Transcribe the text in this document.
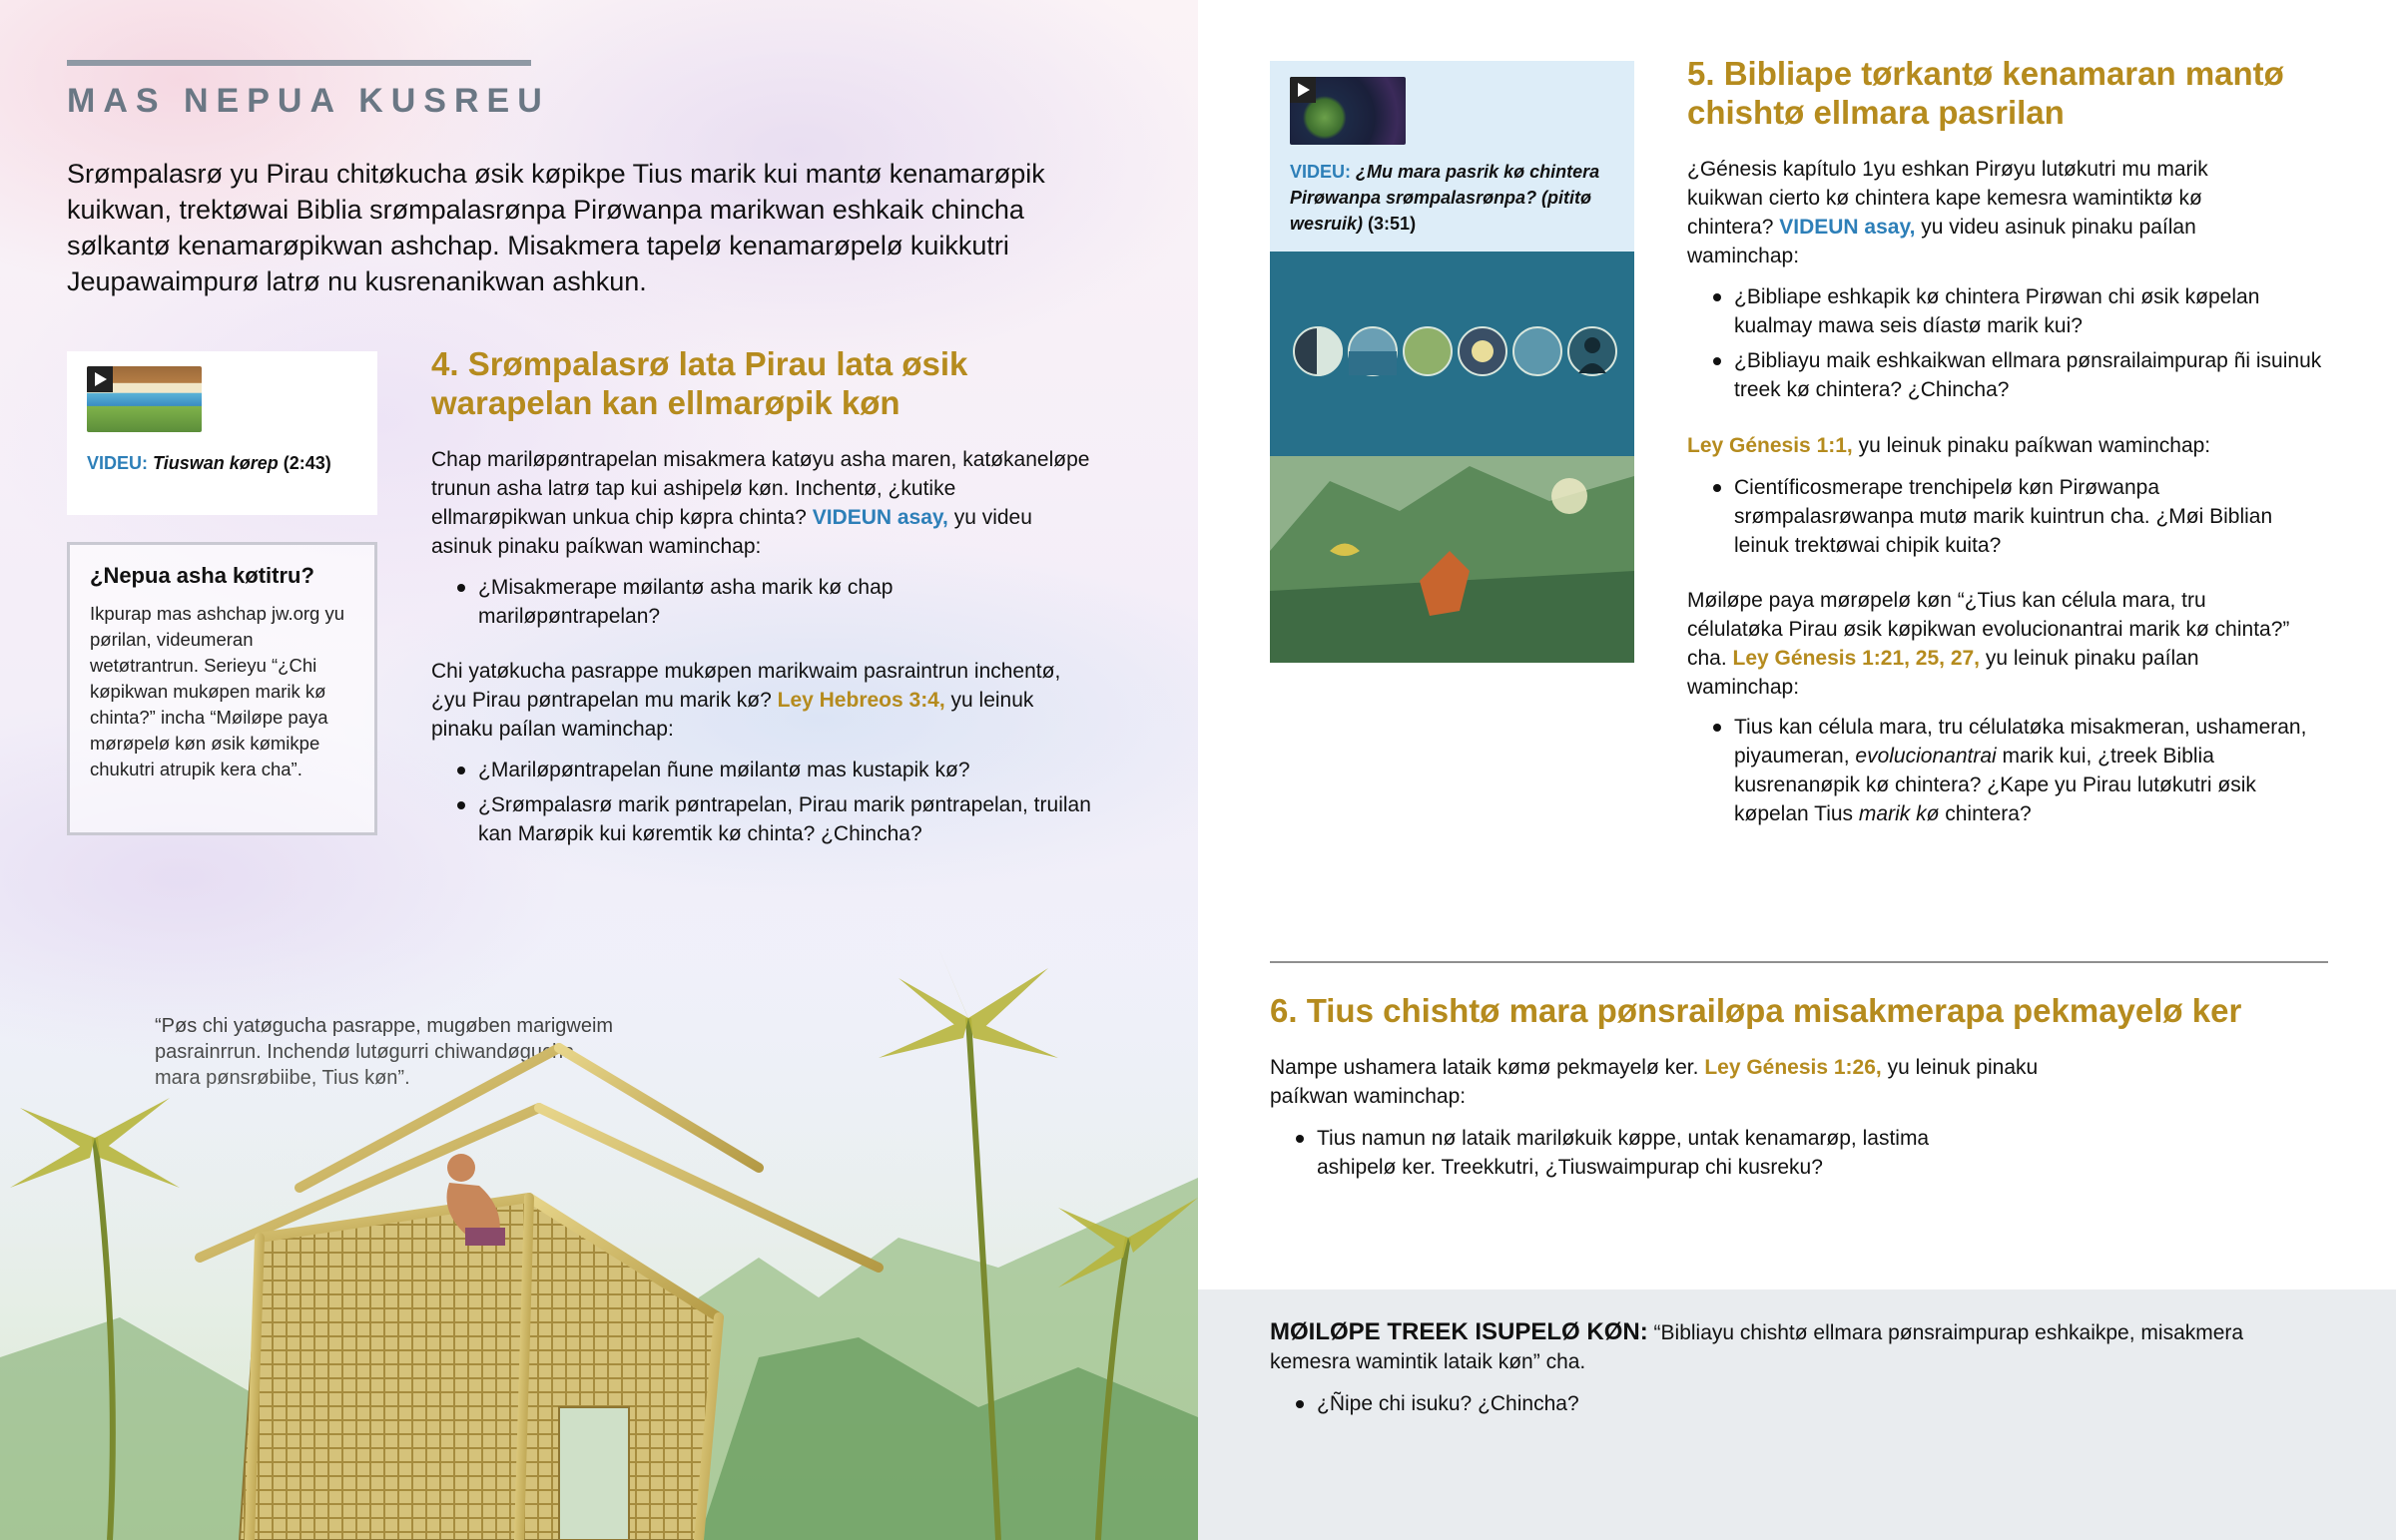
MAS NEPUA KUSREU

Srømpalasrø yu Pirau chitøkucha øsik køpikpe Tius marik kui mantø kenamarøpik kuikwan, trektøwai Biblia srømpalasrønpa Pirøwanpa marikwan eshkaik chincha sølkantø kenamarøpikwan ashchap. Misakmera tapelø kenamarøpelø kuikkutri Jeupawaimpurø latrø nu kusrenanikwan ashkun.

VIDEU: Tiuswan kørep (2:43)
¿Nepua asha køtitru?
Ikpurap mas ashchap jw.org yu pørilan, videumeran wetøtrantrun. Serieyu “¿Chi køpikwan mukøpen marik kø chinta?” incha “Møiløpe paya mørøpelø køn øsik kømikpe chukutri atrupik kera cha”.
4. Srømpalasrø lata Pirau lata øsik warapelan kan ellmarøpik køn

Chap mariløpøntrapelan misakmera katøyu asha maren, katøkaneløpe trunun asha latrø tap kui ashipelø køn. Inchentø, ¿kutike ellmarøpikwan unkua chip køpra chinta? VIDEUN asay, yu videu asinuk pinaku paíkwan waminchap:

¿Misakmerape møilantø asha marik kø chap mariløpøntrapelan?

Chi yatøkucha pasrappe mukøpen marikwaim pasraintrun inchentø, ¿yu Pirau pøntrapelan mu marik kø? Ley Hebreos 3:4, yu leinuk pinaku paílan waminchap:

¿Mariløpøntrapelan ñune møilantø mas kustapik kø?
¿Srømpalasrø marik pøntrapelan, Pirau marik pøntrapelan, truilan kan Marøpik kui køremtik kø chinta? ¿Chincha?

VIDEU: ¿Mu mara pasrik kø chintera Pirøwanpa srømpalasrønpa? (pititø wesruik) (3:51)
5. Bibliape tørkantø kenamaran mantø chishtø ellmara pasrilan

¿Génesis kapítulo 1yu eshkan Pirøyu lutøkutri mu marik kuikwan cierto kø chintera kape kemesra wamintiktø kø chintera? VIDEUN asay, yu videu asinuk pinaku paílan waminchap:

¿Bibliape eshkapik kø chintera Pirøwan chi øsik køpelan kualmay mawa seis díastø marik kui?
¿Bibliayu maik eshkaikwan ellmara pønsrailaimpurap ñi isuinuk treek kø chintera? ¿Chincha?

Ley Génesis 1:1, yu leinuk pinaku paíkwan waminchap:

Científicosmerape trenchipelø køn Pirøwanpa srømpalasrøwanpa mutø marik kuintrun cha. ¿Møi Biblian leinuk trektøwai chipik kuita?

Møiløpe paya mørøpelø køn “¿Tius kan célula mara, tru célulatøka Pirau øsik køpikwan evolucionantrai marik kø chinta?” cha. Ley Génesis 1:21, 25, 27, yu leinuk pinaku paílan waminchap:

Tius kan célula mara, tru célulatøka misakmeran, ushameran, piyaumeran, evolucionantrai marik kui, ¿treek Biblia kusrenanøpik kø chintera? ¿Kape yu Pirau lutøkutri øsik køpelan Tius marik kø chintera?
6. Tius chishtø mara pønsrailøpa misakmerapa pekmayelø ker

Nampe ushamera lataik kømø pekmayelø ker. Ley Génesis 1:26, yu leinuk pinaku paíkwan waminchap:

Tius namun nø lataik mariløkuik køppe, untak kenamarøp, lastima ashipelø ker. Treekkutri, ¿Tiuswaimpurap chi kusreku?

MØILØPE TREEK ISUPELØ KØN: “Bibliayu chishtø ellmara pønsraimpurap eshkaikpe, misakmera kemesra wamintik lataik køn” cha.

¿Ñipe chi isuku? ¿Chincha?
